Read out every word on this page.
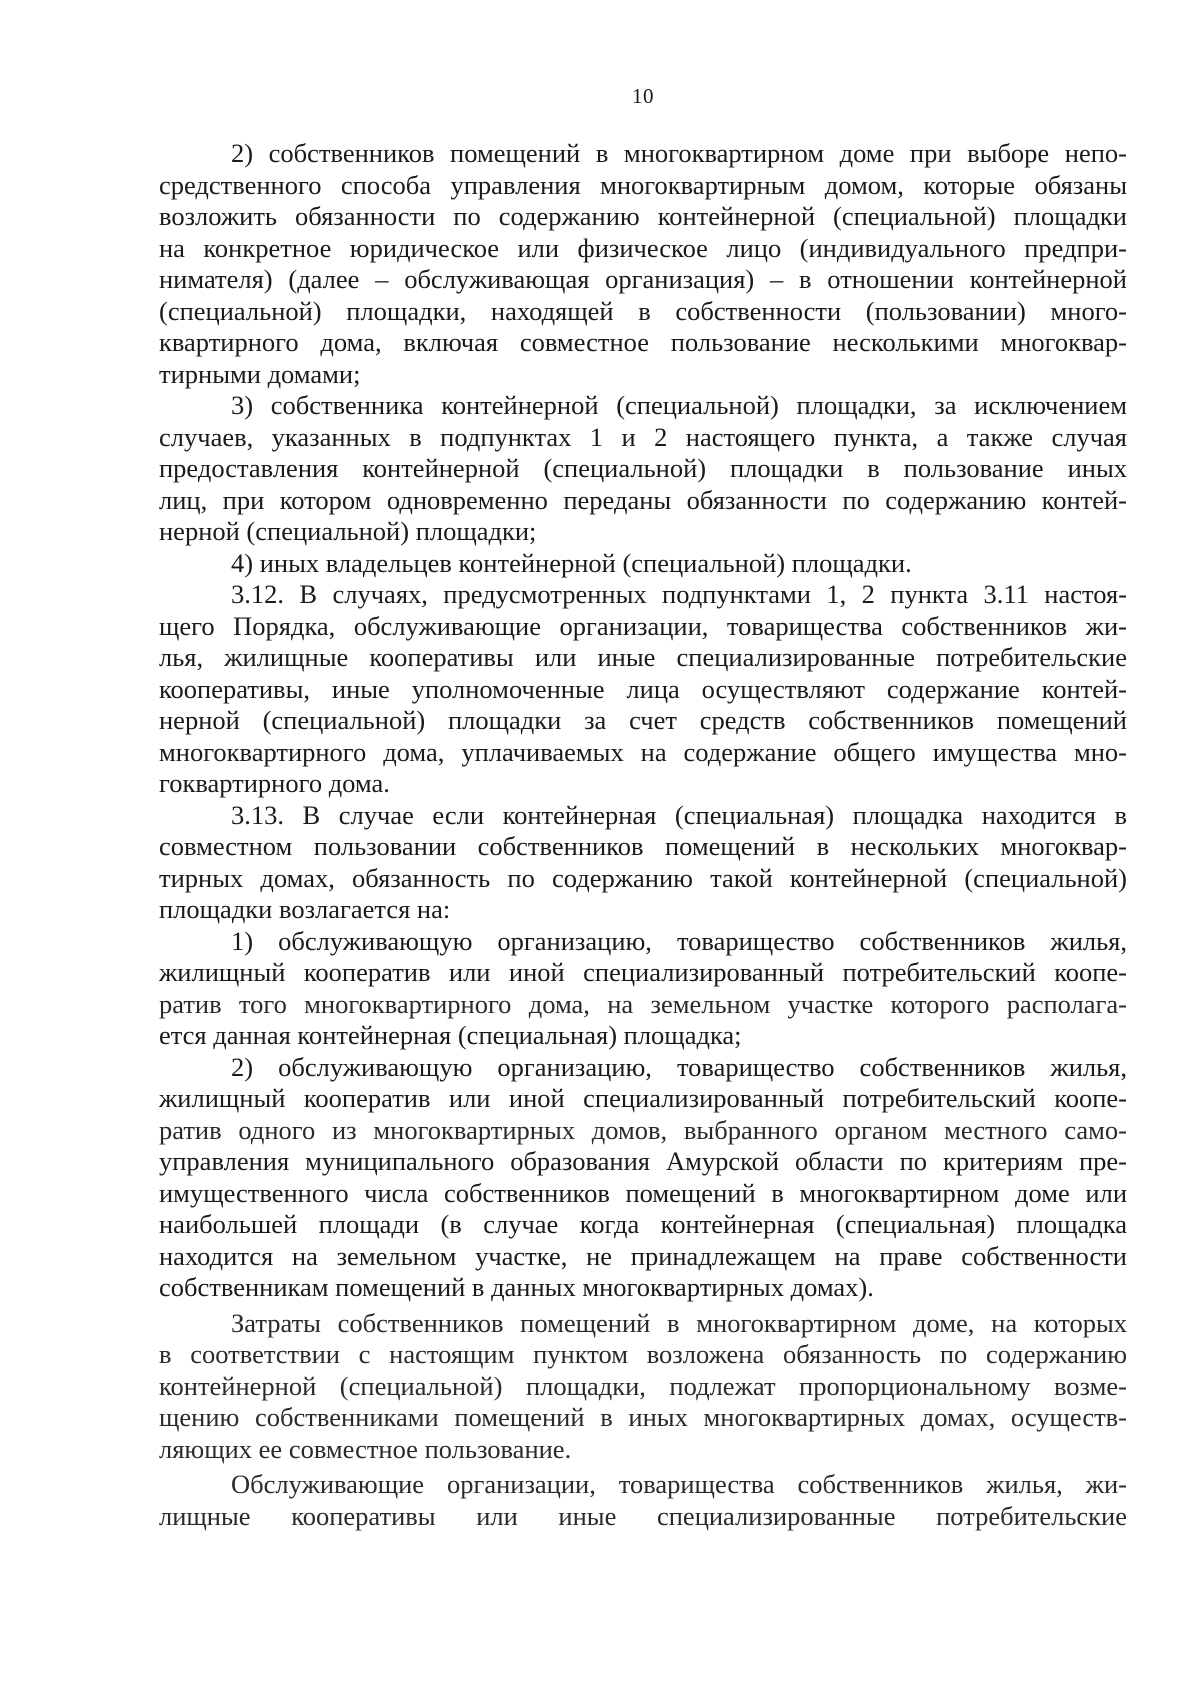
10
2) собственников помещений в многоквартирном доме при выборе непо-
средственного способа управления многоквартирным домом, которые обязаны
возложить обязанности по содержанию контейнерной (специальной) площадки
на конкретное юридическое или физическое лицо (индивидуального предпри-
нимателя) (далее – обслуживающая организация) – в отношении контейнерной
(специальной) площадки, находящей в собственности (пользовании) много-
квартирного дома, включая совместное пользование несколькими многоквар-
тирными домами;
3) собственника контейнерной (специальной) площадки, за исключением
случаев, указанных в подпунктах 1 и 2 настоящего пункта, а также случая
предоставления контейнерной (специальной) площадки в пользование иных
лиц, при котором одновременно переданы обязанности по содержанию контей-
нерной (специальной) площадки;
4) иных владельцев контейнерной (специальной) площадки.
3.12. В случаях, предусмотренных подпунктами 1, 2 пункта 3.11 настоя-
щего Порядка, обслуживающие организации, товарищества собственников жи-
лья, жилищные кооперативы или иные специализированные потребительские
кооперативы, иные уполномоченные лица осуществляют содержание контей-
нерной (специальной) площадки за счет средств собственников помещений
многоквартирного дома, уплачиваемых на содержание общего имущества мно-
гоквартирного дома.
3.13. В случае если контейнерная (специальная) площадка находится в
совместном пользовании собственников помещений в нескольких многоквар-
тирных домах, обязанность по содержанию такой контейнерной (специальной)
площадки возлагается на:
1) обслуживающую организацию, товарищество собственников жилья,
жилищный кооператив или иной специализированный потребительский коопе-
ратив того многоквартирного дома, на земельном участке которого располага-
ется данная контейнерная (специальная) площадка;
2) обслуживающую организацию, товарищество собственников жилья,
жилищный кооператив или иной специализированный потребительский коопе-
ратив одного из многоквартирных домов, выбранного органом местного само-
управления муниципального образования Амурской области по критериям пре-
имущественного числа собственников помещений в многоквартирном доме или
наибольшей площади (в случае когда контейнерная (специальная) площадка
находится на земельном участке, не принадлежащем на праве собственности
собственникам помещений в данных многоквартирных домах).
Затраты собственников помещений в многоквартирном доме, на которых
в соответствии с настоящим пунктом возложена обязанность по содержанию
контейнерной (специальной) площадки, подлежат пропорциональному возме-
щению собственниками помещений в иных многоквартирных домах, осуществ-
ляющих ее совместное пользование.
Обслуживающие организации, товарищества собственников жилья, жи-
лищные кооперативы или иные специализированные потребительские
